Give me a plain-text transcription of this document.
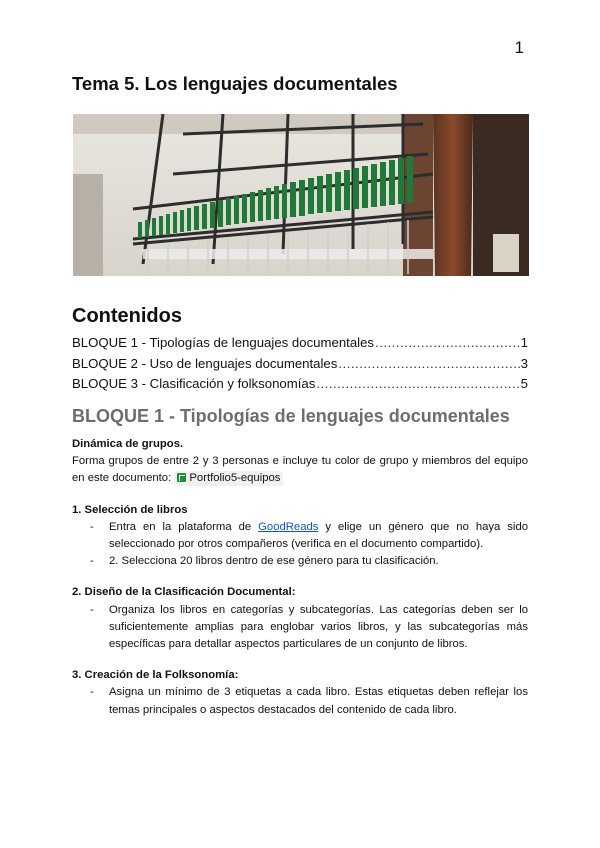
1
Tema 5. Los lenguajes documentales
Contenidos
BLOQUE 1 - Tipologías de lenguajes documentales .....	1
BLOQUE 2 - Uso de lenguajes documentales .....	3
BLOQUE 3 - Clasificación y folksonomías .....	5
BLOQUE 1 - Tipologías de lenguajes documentales

Dinámica de grupos.

Forma grupos de entre 2 y 3 personas e incluye tu color de grupo y miembros del equipo en este documento: Portfolio5-equipos

1. Selección de libros
- Entra en la plataforma de GoodReads y elige un género que no haya sido seleccionado por otros compañeros (verifica en el documento compartido).
- 2. Selecciona 20 libros dentro de ese género para tu clasificación.
2. Diseño de la Clasificación Documental:
- Organiza los libros en categorías y subcategorías. Las categorías deben ser lo suficientemente amplias para englobar varios libros, y las subcategorías más específicas para detallar aspectos particulares de un conjunto de libros.
3. Creación de la Folksonomía:
- Asigna un mínimo de 3 etiquetas a cada libro. Estas etiquetas deben reflejar los temas principales o aspectos destacados del contenido de cada libro.
